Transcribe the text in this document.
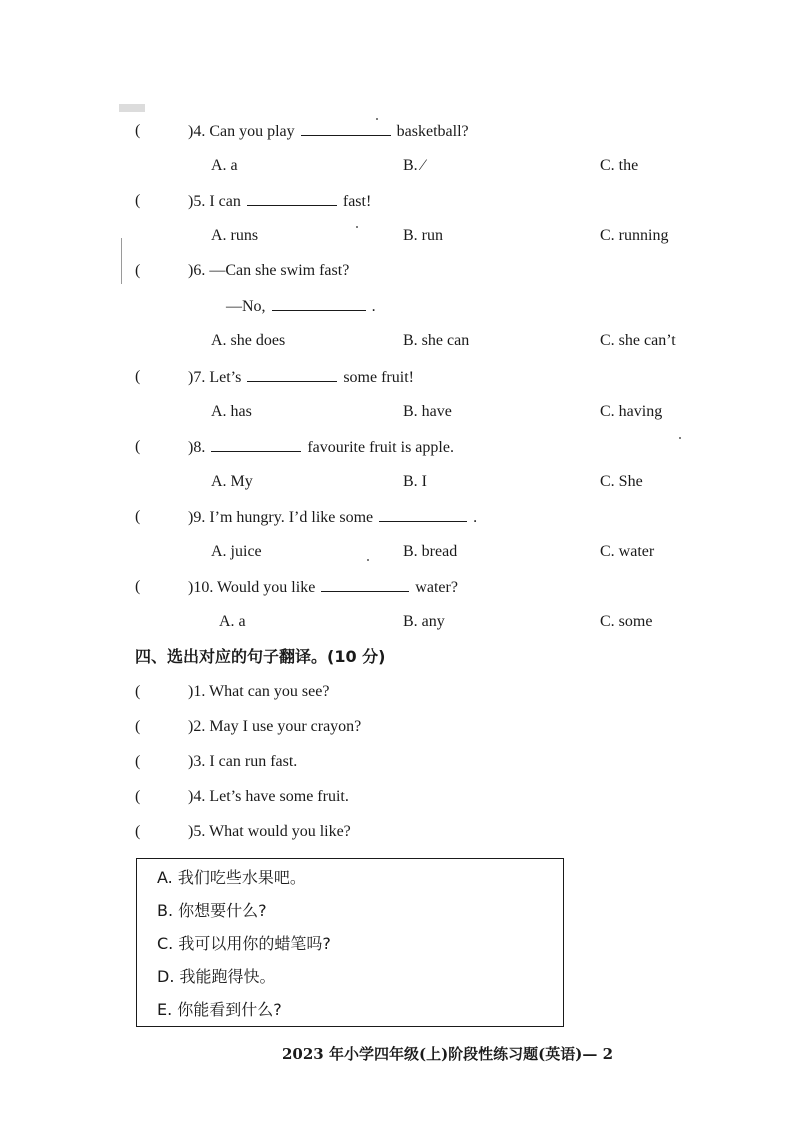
(	)4. Can you play	basketball?
A. a	B. ⁄	C. the
(	)5. I can	fast!
A. runs	B. run	C. running
(	)6. —Can she swim fast?
—No,	.
A. she does	B. she can	C. she can’t
(	)7. Let’s	some fruit!
A. has	B. have	C. having
(	)8.	favourite fruit is apple.
A. My	B. I	C. She
(	)9. I’m hungry. I’d like some	.
A. juice	B. bread	C. water
(	)10. Would you like	water?
A. a	B. any	C. some
四、选出对应的句子翻译。(10 分)
(	)1. What can you see?
(	)2. May I use your crayon?
(	)3. I can run fast.
(	)4. Let’s have some fruit.
(	)5. What would you like?
A. 我们吃些水果吧。
B. 你想要什么?
C. 我可以用你的蜡笔吗?
D. 我能跑得快。
E. 你能看到什么?
2023 年小学四年级(上)阶段性练习题(英语)— 2
